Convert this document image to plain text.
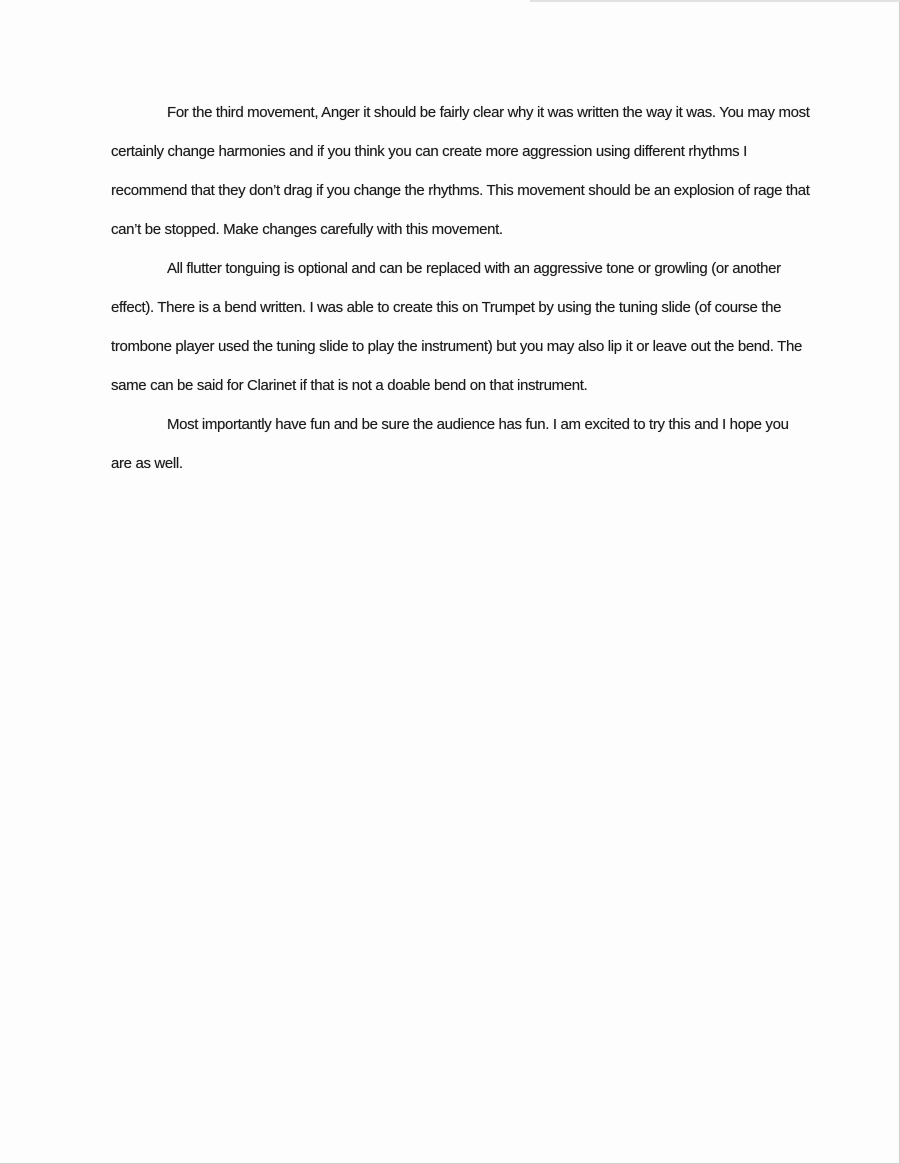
For the third movement, Anger it should be fairly clear why it was written the way it was. You may most certainly change harmonies and if you think you can create more aggression using different rhythms I recommend that they don’t drag if you change the rhythms. This movement should be an explosion of rage that can’t be stopped. Make changes carefully with this movement.

All flutter tonguing is optional and can be replaced with an aggressive tone or growling (or another effect). There is a bend written. I was able to create this on Trumpet by using the tuning slide (of course the trombone player used the tuning slide to play the instrument) but you may also lip it or leave out the bend. The same can be said for Clarinet if that is not a doable bend on that instrument.

Most importantly have fun and be sure the audience has fun. I am excited to try this and I hope you are as well.
